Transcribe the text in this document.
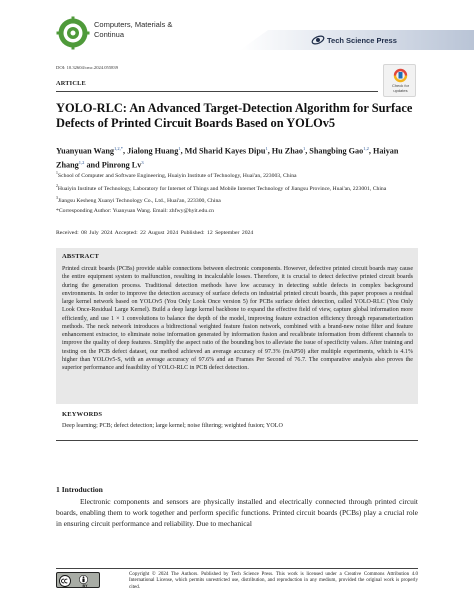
Computers, Materials &
Continua
Tech Science Press
DOI: 10.32604/cmc.2024.055839
ARTICLE	Check for
updates
YOLO-RLC: An Advanced Target-Detection Algorithm for Surface Defects of Printed Circuit Boards Based on YOLOv5
Yuanyuan Wang$^{1,2,*}$, Jialong Huang$^1$, Md Sharid Kayes Dipu$^1$, Hu Zhao$^1$, Shangbing Gao$^{1,2}$, Haiyan Zhang$^{1,2}$ and Pinrong Lv$^3$

$^1$School of Computer and Software Engineering, Huaiyin Institute of Technology, Huai'an, 223003, China

$^2$Huaiyin Institute of Technology, Laboratory for Internet of Things and Mobile Internet Technology of Jiangsu Province, Huai'an, 223001, China

$^3$Jiangsu Kesheng Xuanyi Technology Co., Ltd., Huai'an, 223300, China

*Corresponding Author: Yuanyuan Wang. Email: zhfwy@hyit.edu.cn

Received: 08 July 2024 Accepted: 22 August 2024 Published: 12 September 2024
ABSTRACT
Printed circuit boards (PCBs) provide stable connections between electronic components. However, defective printed circuit boards may cause the entire equipment system to malfunction, resulting in incalculable losses. Therefore, it is crucial to detect defective printed circuit boards during the generation process. Traditional detection methods have low accuracy in detecting subtle defects in complex background environments. In order to improve the detection accuracy of surface defects on industrial printed circuit boards, this paper proposes a residual large kernel network based on YOLOv5 (You Only Look Once version 5) for PCBs surface defect detection, called YOLO-RLC (You Only Look Once-Residual Large Kernel). Build a deep large kernel backbone to expand the effective field of view, capture global information more efficiently, and use 1 × 1 convolutions to balance the depth of the model, improving feature extraction efficiency through reparameterization methods. The neck network introduces a bidirectional weighted feature fusion network, combined with a brand-new noise filter and feature enhancement extractor, to eliminate noise information generated by information fusion and recalibrate information from different channels to improve the quality of deep features. Simplify the aspect ratio of the bounding box to alleviate the issue of specificity values. After training and testing on the PCB defect dataset, our method achieved an average accuracy of 97.3% (mAP50) after multiple experiments, which is 4.1% higher than YOLOv5-S, with an average accuracy of 97.6% and an Frames Per Second of 76.7. The comparative analysis also proves the superior performance and feasibility of YOLO-RLC in PCB defect detection.
KEYWORDS
Deep learning; PCB; defect detection; large kernel; noise filtering; weighted fusion; YOLO
1 Introduction
Electronic components and sensors are physically installed and electrically connected through printed circuit boards, enabling them to work together and perform specific functions. Printed circuit boards (PCBs) play a crucial role in ensuring circuit performance and reliability. Due to mechanical
BY
Copyright © 2024 The Authors. Published by Tech Science Press. This work is licensed under a Creative Commons Attribution 4.0 International License, which permits unrestricted use, distribution, and reproduction in any medium, provided the original work is properly cited.
